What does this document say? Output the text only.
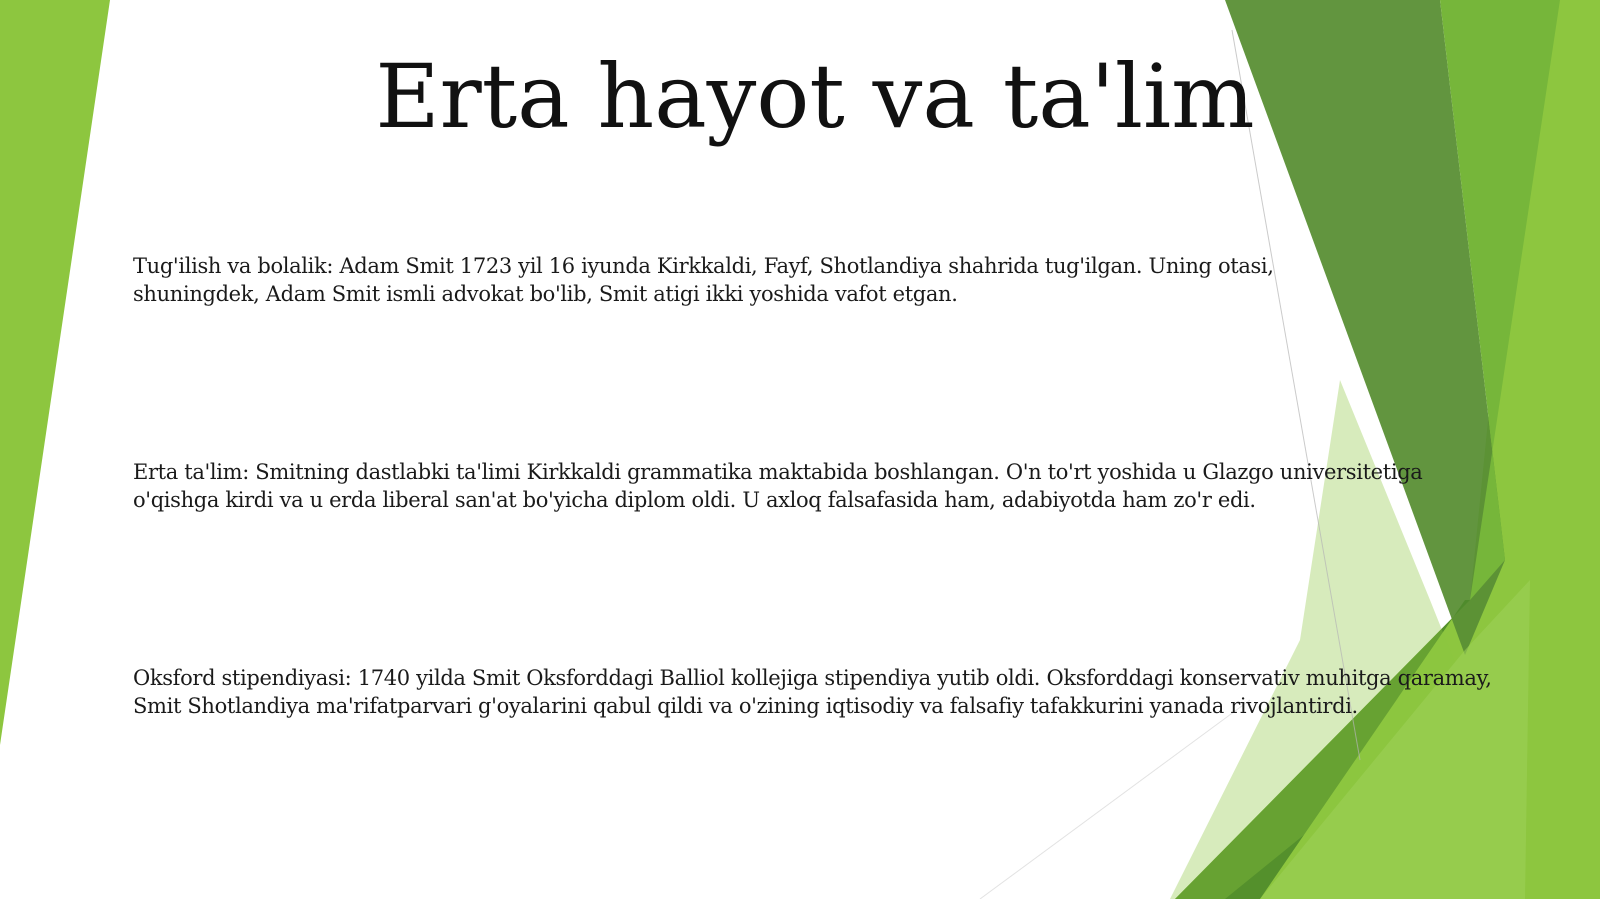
Erta hayot va ta'lim

Tug'ilish va bolalik: Adam Smit 1723 yil 16 iyunda Kirkkaldi, Fayf, Shotlandiya shahrida tug'ilgan. Uning otasi, shuningdek, Adam Smit ismli advokat bo'lib, Smit atigi ikki yoshida vafot etgan.

Erta ta'lim: Smitning dastlabki ta'limi Kirkkaldi grammatika maktabida boshlangan. O'n to'rt yoshida u Glazgo universitetiga o'qishga kirdi va u erda liberal san'at bo'yicha diplom oldi. U axloq falsafasida ham, adabiyotda ham zo'r edi.

Oksford stipendiyasi: 1740 yilda Smit Oksforddagi Balliol kollejiga stipendiya yutib oldi. Oksforddagi konservativ muhitga qaramay, Smit Shotlandiya ma'rifatparvari g'oyalarini qabul qildi va o'zining iqtisodiy va falsafiy tafakkurini yanada rivojlantirdi.
